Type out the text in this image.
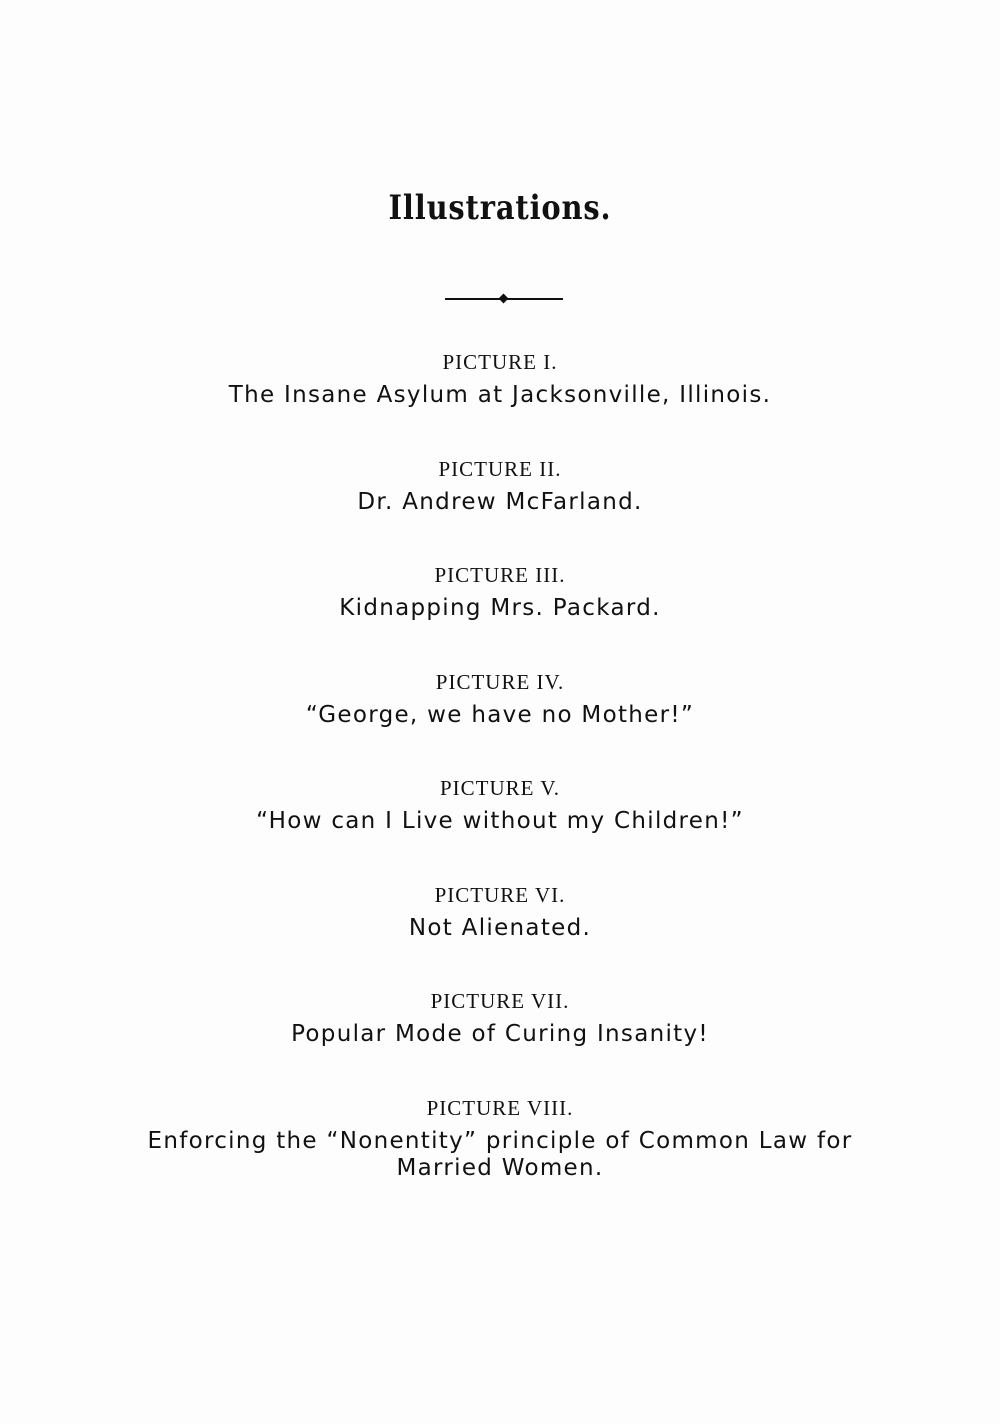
Illustrations.
PICTURE I.
The Insane Asylum at Jacksonville, Illinois.
PICTURE II.
Dr. Andrew McFarland.
PICTURE III.
Kidnapping Mrs. Packard.
PICTURE IV.
“George, we have no Mother!”
PICTURE V.
“How can I Live without my Children!”
PICTURE VI.
Not Alienated.
PICTURE VII.
Popular Mode of Curing Insanity!
PICTURE VIII.
Enforcing the “Nonentity” principle of Common Law for Married Women.
